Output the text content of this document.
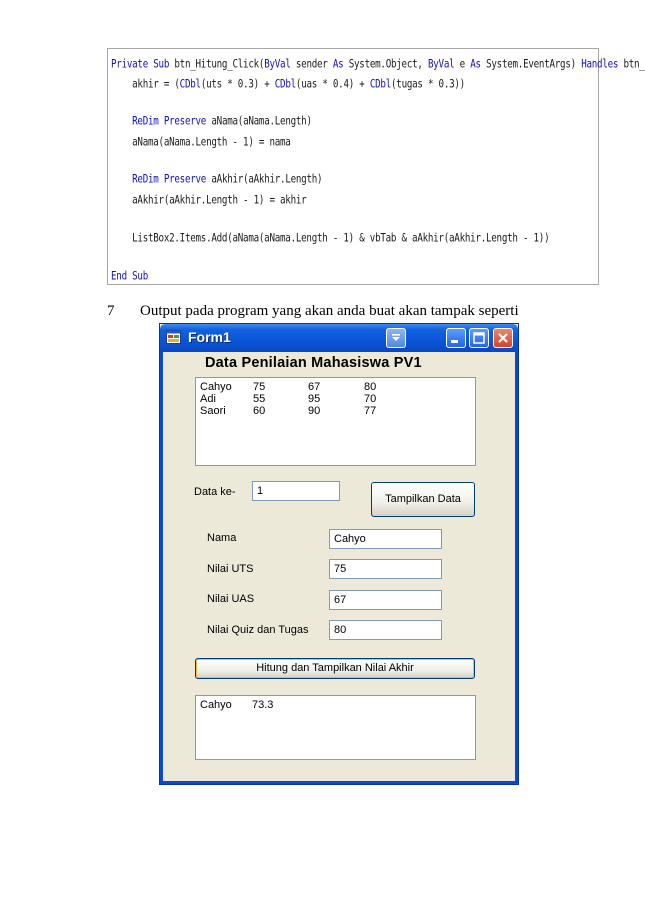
Private Sub btn_Hitung_Click(ByVal sender As System.Object, ByVal e As System.EventArgs) Handles btn_
akhir = (CDbl(uts * 0.3) + CDbl(uas * 0.4) + CDbl(tugas * 0.3))
ReDim Preserve aNama(aNama.Length)
aNama(aNama.Length - 1) = nama
ReDim Preserve aAkhir(aAkhir.Length)
aAkhir(aAkhir.Length - 1) = akhir
ListBox2.Items.Add(aNama(aNama.Length - 1) & vbTab & aAkhir(aAkhir.Length - 1))
End Sub
7 Output pada program yang akan anda buat akan tampak seperti
Form1
Data Penilaian Mahasiswa PV1
Cahyo 75	67	80
Adi	55	95	70
Saori 60	90	77
Data ke-	1
Tampilkan Data
Nama	Cahyo
Nilai UTS	75
Nilai UAS	67
Nilai Quiz dan Tugas	80
Hitung dan Tampilkan Nilai Akhir
Cahyo 73.3
